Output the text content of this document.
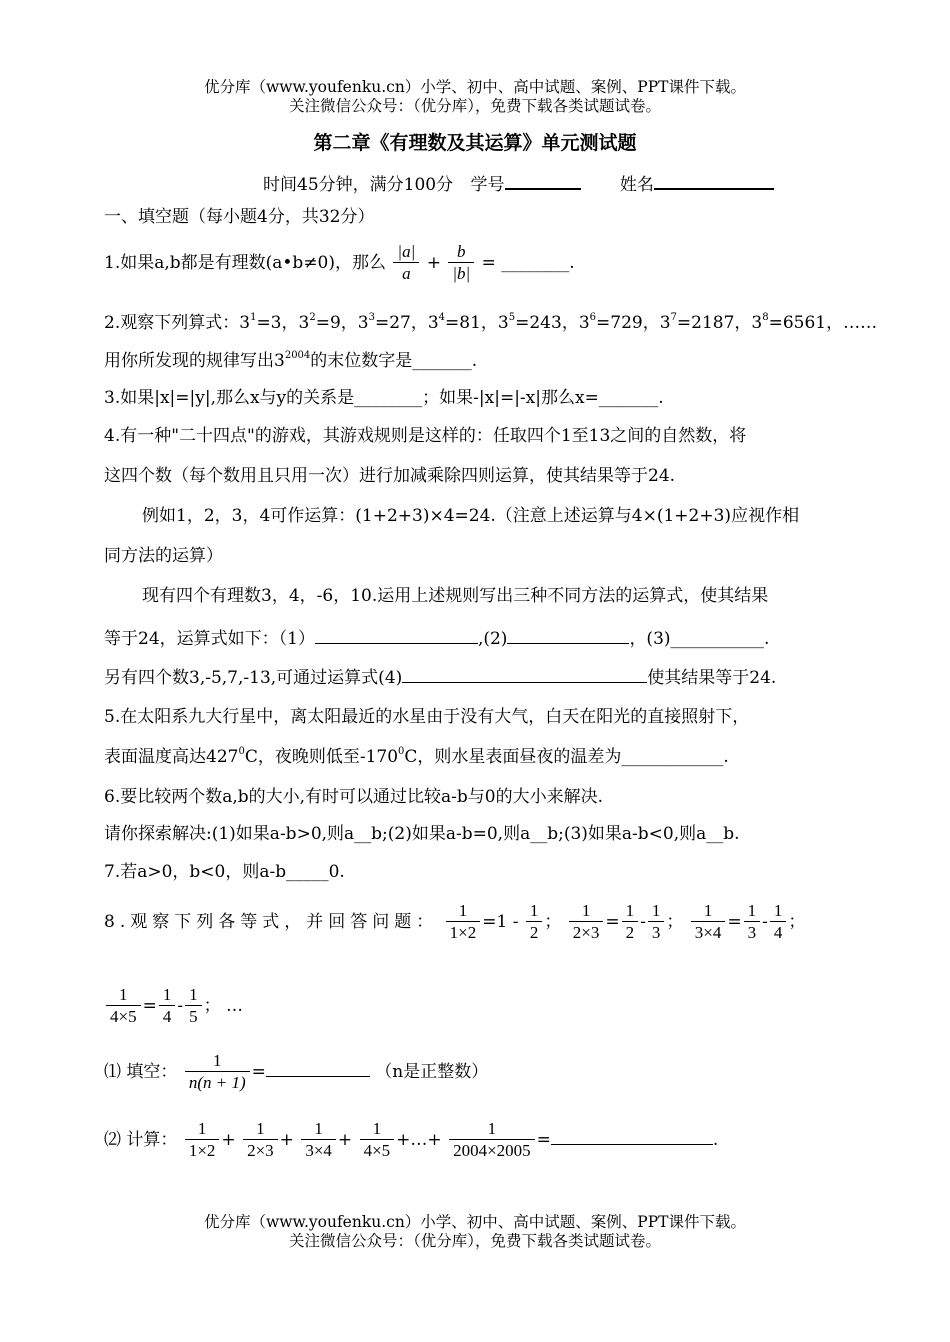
优分库（www.youfenku.cn）小学、初中、高中试题、案例、PPT课件下载。
关注微信公众号：（优分库），免费下载各类试题试卷。
第二章《有理数及其运算》单元测试题
时间45分钟，满分100分 学号	姓名
一、填空题（每小题4分，共32分）
1.如果a,b都是有理数(a•b≠0)，那么 $\frac{|a|}{a} + \frac{b}{|b|}$ = ________.
2.观察下列算式：$3^1=3$，$3^2=9$，$3^3=27$，$3^4=81$，$3^5=243$，$3^6=729$，$3^7=2187$，$3^8=6561$，……
用你所发现的规律写出$3^{2004}$的末位数字是_______.
3.如果|x|=|y|,那么x与y的关系是________；如果-|x|=|-x|那么x=_______.
4.有一种"二十四点"的游戏，其游戏规则是这样的：任取四个1至13之间的自然数，将
这四个数（每个数用且只用一次）进行加减乘除四则运算，使其结果等于24.
例如1，2，3，4可作运算：(1+2+3)×4=24.（注意上述运算与4×(1+2+3)应视作相
同方法的运算）
现有四个有理数3，4，-6，10.运用上述规则写出三种不同方法的运算式，使其结果
等于24，运算式如下：（1）	,(2)	，(3)___________.
另有四个数3,-5,7,-13,可通过运算式(4)	使其结果等于24.
5.在太阳系九大行星中，离太阳最近的水星由于没有大气，白天在阳光的直接照射下，
表面温度高达$427^0C$，夜晚则低至$-170^0C$，则水星表面昼夜的温差为____________.
6.要比较两个数a,b的大小,有时可以通过比较a-b与0的大小来解决.
请你探索解决:(1)如果a-b>0,则a__b;(2)如果a-b=0,则a__b;(3)如果a-b<0,则a__b.
7.若a>0，b<0，则a-b_____0.
8.观察下列各等式，并回答问题： $\frac{1}{1\times 2} =1 - \frac{1}{2}$ ； $\frac{1}{2\times 3} = \frac{1}{2} - \frac{1}{3}$ ； $\frac{1}{3\times 4} = \frac{1}{3} - \frac{1}{4}$ ；
$\frac{1}{4\times 5} = \frac{1}{4} - \frac{1}{5}$ ； …
⑴ 填空： $\frac{1}{n(n + 1)}$ =	（n是正整数）
⑵ 计算： $\frac{1}{1\times 2} + \frac{1}{2\times 3} + \frac{1}{3\times 4} + \frac{1}{4\times 5}$ +…+ $\frac{1}{2004\times 2005}$ =	.
优分库（www.youfenku.cn）小学、初中、高中试题、案例、PPT课件下载。
关注微信公众号：（优分库），免费下载各类试题试卷。
